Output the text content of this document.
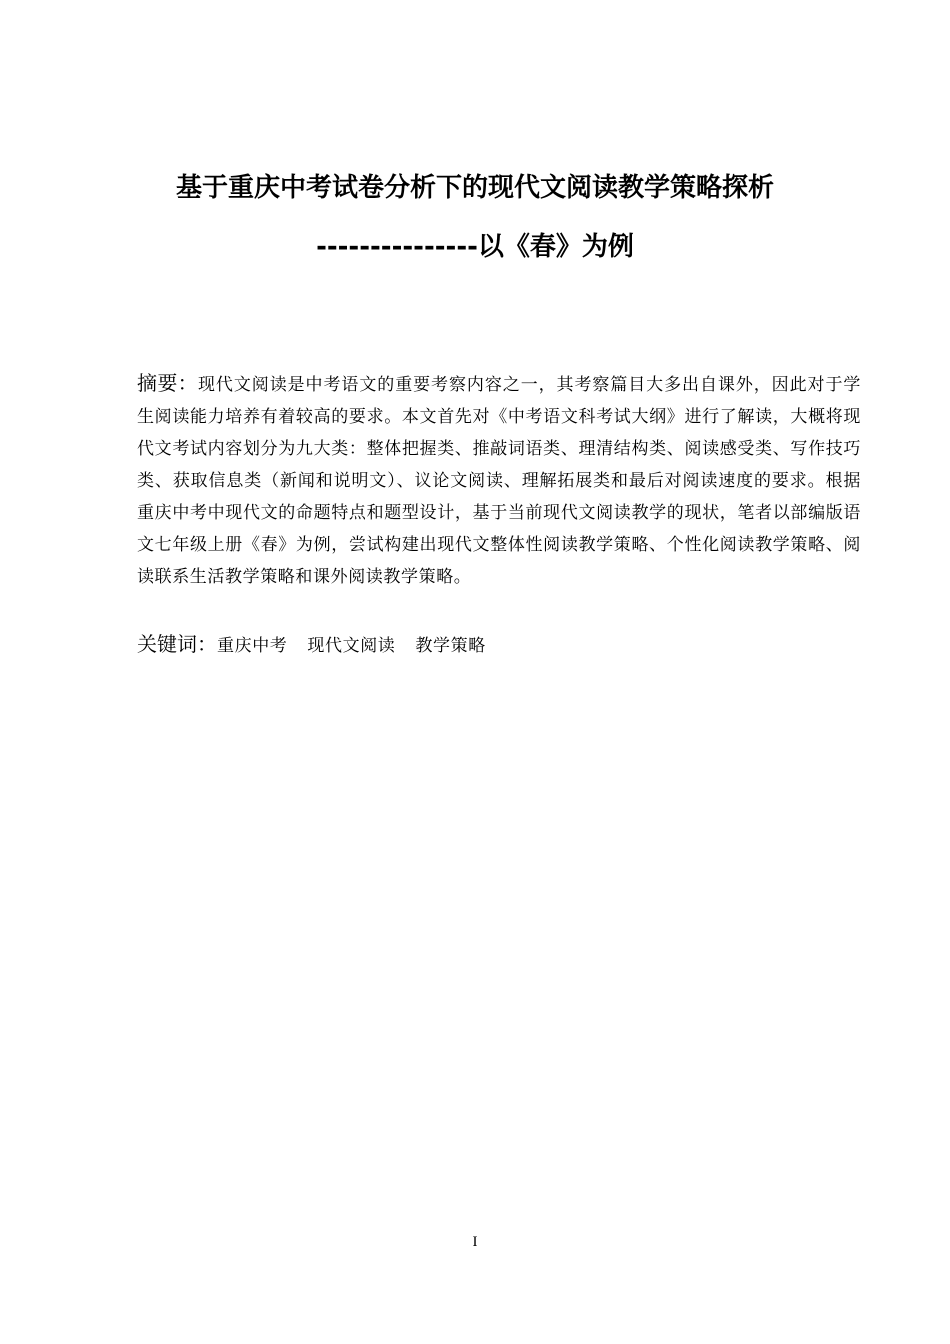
基于重庆中考试卷分析下的现代文阅读教学策略探析
---------------以《春》为例
摘要：现代文阅读是中考语文的重要考察内容之一，其考察篇目大多出自课外，因此对于学生阅读能力培养有着较高的要求。本文首先对《中考语文科考试大纲》进行了解读，大概将现代文考试内容划分为九大类：整体把握类、推敲词语类、理清结构类、阅读感受类、写作技巧类、获取信息类（新闻和说明文）、议论文阅读、理解拓展类和最后对阅读速度的要求。根据重庆中考中现代文的命题特点和题型设计，基于当前现代文阅读教学的现状，笔者以部编版语文七年级上册《春》为例，尝试构建出现代文整体性阅读教学策略、个性化阅读教学策略、阅读联系生活教学策略和课外阅读教学策略。
关键词：重庆中考 现代文阅读 教学策略
I
